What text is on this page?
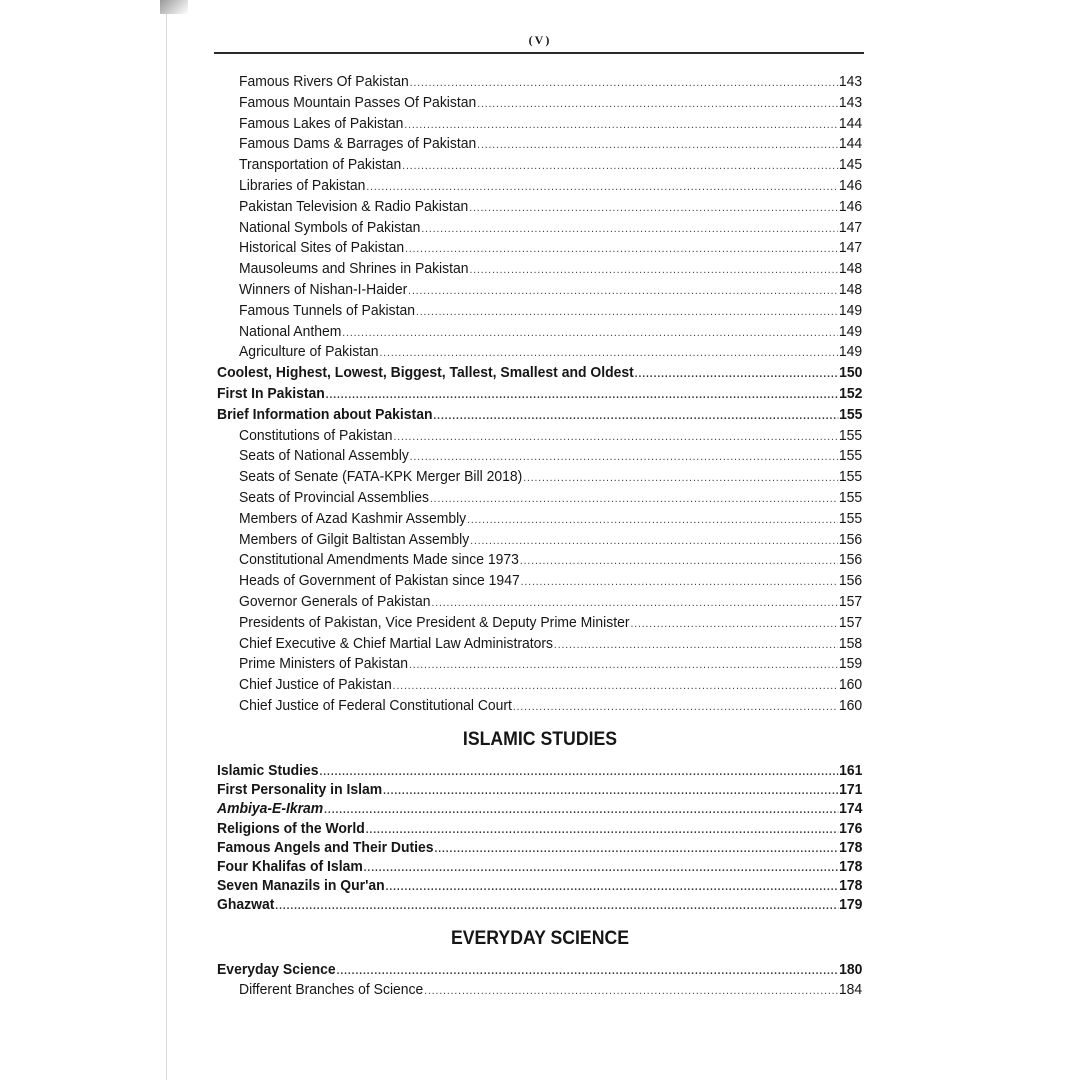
(V)
Famous Rivers Of Pakistan .....	143
Famous Mountain Passes Of Pakistan .....	143
Famous Lakes of Pakistan .....	144
Famous Dams & Barrages of Pakistan .....	144
Transportation of Pakistan .....	145
Libraries of Pakistan .....	146
Pakistan Television & Radio Pakistan .....	146
National Symbols of Pakistan .....	147
Historical Sites of Pakistan .....	147
Mausoleums and Shrines in Pakistan .....	148
Winners of Nishan-I-Haider .....	148
Famous Tunnels of Pakistan .....	149
National Anthem .....	149
Agriculture of Pakistan .....	149
Coolest, Highest, Lowest, Biggest, Tallest, Smallest and Oldest .....	150
First In Pakistan .....	152
Brief Information about Pakistan .....	155
Constitutions of Pakistan .....	155
Seats of National Assembly .....	155
Seats of Senate (FATA-KPK Merger Bill 2018) .....	155
Seats of Provincial Assemblies .....	155
Members of Azad Kashmir Assembly .....	155
Members of Gilgit Baltistan Assembly .....	156
Constitutional Amendments Made since 1973 .....	156
Heads of Government of Pakistan since 1947 .....	156
Governor Generals of Pakistan .....	157
Presidents of Pakistan, Vice President & Deputy Prime Minister .....	157
Chief Executive & Chief Martial Law Administrators .....	158
Prime Ministers of Pakistan .....	159
Chief Justice of Pakistan .....	160
Chief Justice of Federal Constitutional Court .....	160
Islamic Studies .....	161
First Personality in Islam .....	171
Ambiya-E-Ikram .....	174
Religions of the World .....	176
Famous Angels and Their Duties .....	178
Four Khalifas of Islam .....	178
Seven Manazils in Qur'an .....	178
Ghazwat .....	179
Everyday Science .....	180
Different Branches of Science .....	184
ISLAMIC STUDIES
EVERYDAY SCIENCE
